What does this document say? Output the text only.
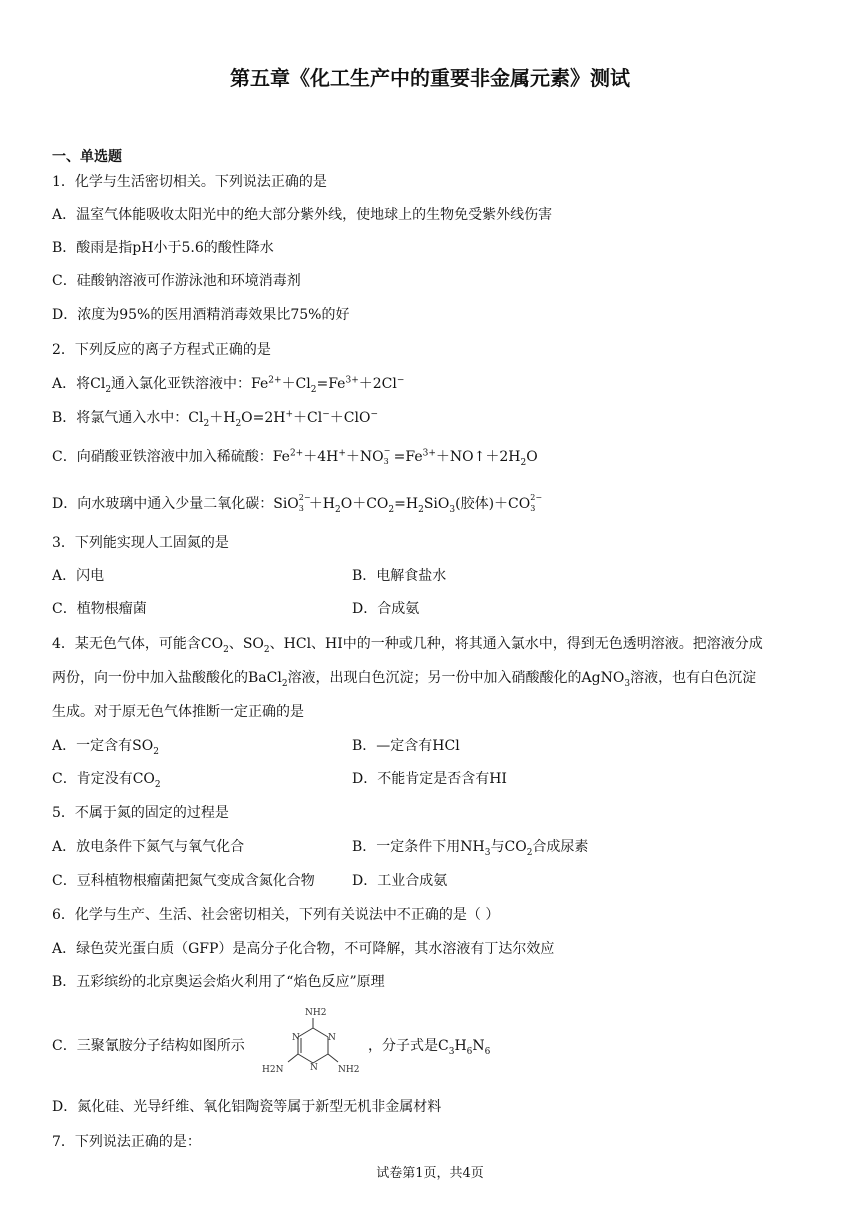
第五章《化工生产中的重要非金属元素》测试
一、单选题
1．化学与生活密切相关。下列说法正确的是
A．温室气体能吸收太阳光中的绝大部分紫外线，使地球上的生物免受紫外线伤害
B．酸雨是指pH小于5.6的酸性降水
C．硅酸钠溶液可作游泳池和环境消毒剂
D．浓度为95%的医用酒精消毒效果比75%的好
2．下列反应的离子方程式正确的是
A．将$Cl_2$通入氯化亚铁溶液中：$Fe^{2+}+Cl_2=Fe^{3+}+2Cl^-$
B．将氯气通入水中：$Cl_2+H_2O=2H^++Cl^-+ClO^-$
C．向硝酸亚铁溶液中加入稀硫酸：$Fe^{2+}+4H^++NO$ −
$3 =Fe^{3+}+NO↑+2H_2O$
D．向水玻璃中通入少量二氧化碳：SiO 2−
$3 +H_2O+CO_2=H_2SiO_3$(胶体)＋CO 2−
3
3．下列能实现人工固氮的是
A．闪电	B．电解食盐水
C．植物根瘤菌	D．合成氨
4．某无色气体，可能含$CO_2$、$SO_2$、HCl、HI中的一种或几种，将其通入氯水中，得到无色透明溶液。把溶液分成
两份，向一份中加入盐酸酸化的BaCl$_2$溶液，出现白色沉淀；另一份中加入硝酸酸化的AgNO$_3$溶液，也有白色沉淀
生成。对于原无色气体推断一定正确的是
A．一定含有$SO_2$	B．—定含有HCl
C．肯定没有$CO_2$	D．不能肯定是否含有HI
5．不属于氮的固定的过程是
A．放电条件下氮气与氧气化合	B．一定条件下用$NH_3$与$CO_2$合成尿素
C．豆科植物根瘤菌把氮气变成含氮化合物	D．工业合成氨
6．化学与生产、生活、社会密切相关，下列有关说法中不正确的是（ ）
A．绿色荧光蛋白质（GFP）是高分子化合物，不可降解，其水溶液有丁达尔效应
B．五彩缤纷的北京奥运会焰火利用了“焰色反应”原理
C．三聚氰胺分子结构如图所示	，分子式是$C_3H_6N_6$
NH2
N	N
N
H2N	NH2
D．氮化硅、光导纤维、氧化铝陶瓷等属于新型无机非金属材料
7．下列说法正确的是：
试卷第1页，共4页
